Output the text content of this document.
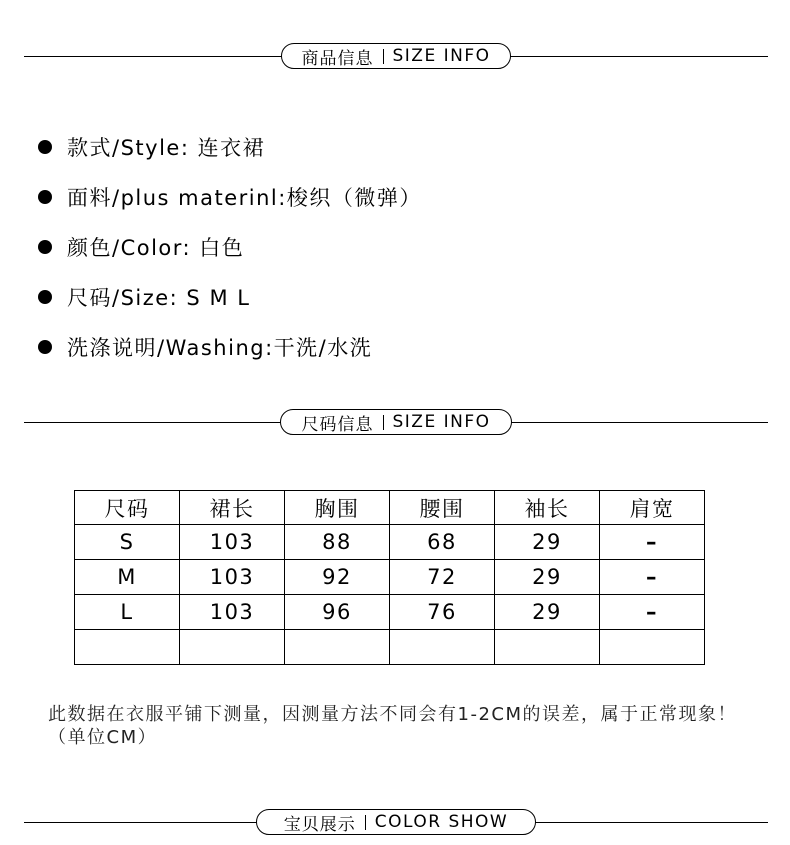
商品信息 SIZE INFO
款式/Style: 连衣裙
面料/plus materinl:梭织（微弹）
颜色/Color: 白色
尺码/Size: S M L
洗涤说明/Washing:干洗/水洗
尺码信息 SIZE INFO
尺码	裙长	胸围	腰围	袖长	肩宽
S	103	88	68	29	–
M	103	92	72	29	–
L	103	96	76	29	–

此数据在衣服平铺下测量，因测量方法不同会有1-2CM的误差，属于正常现象！（单位CM）
宝贝展示 COLOR SHOW
